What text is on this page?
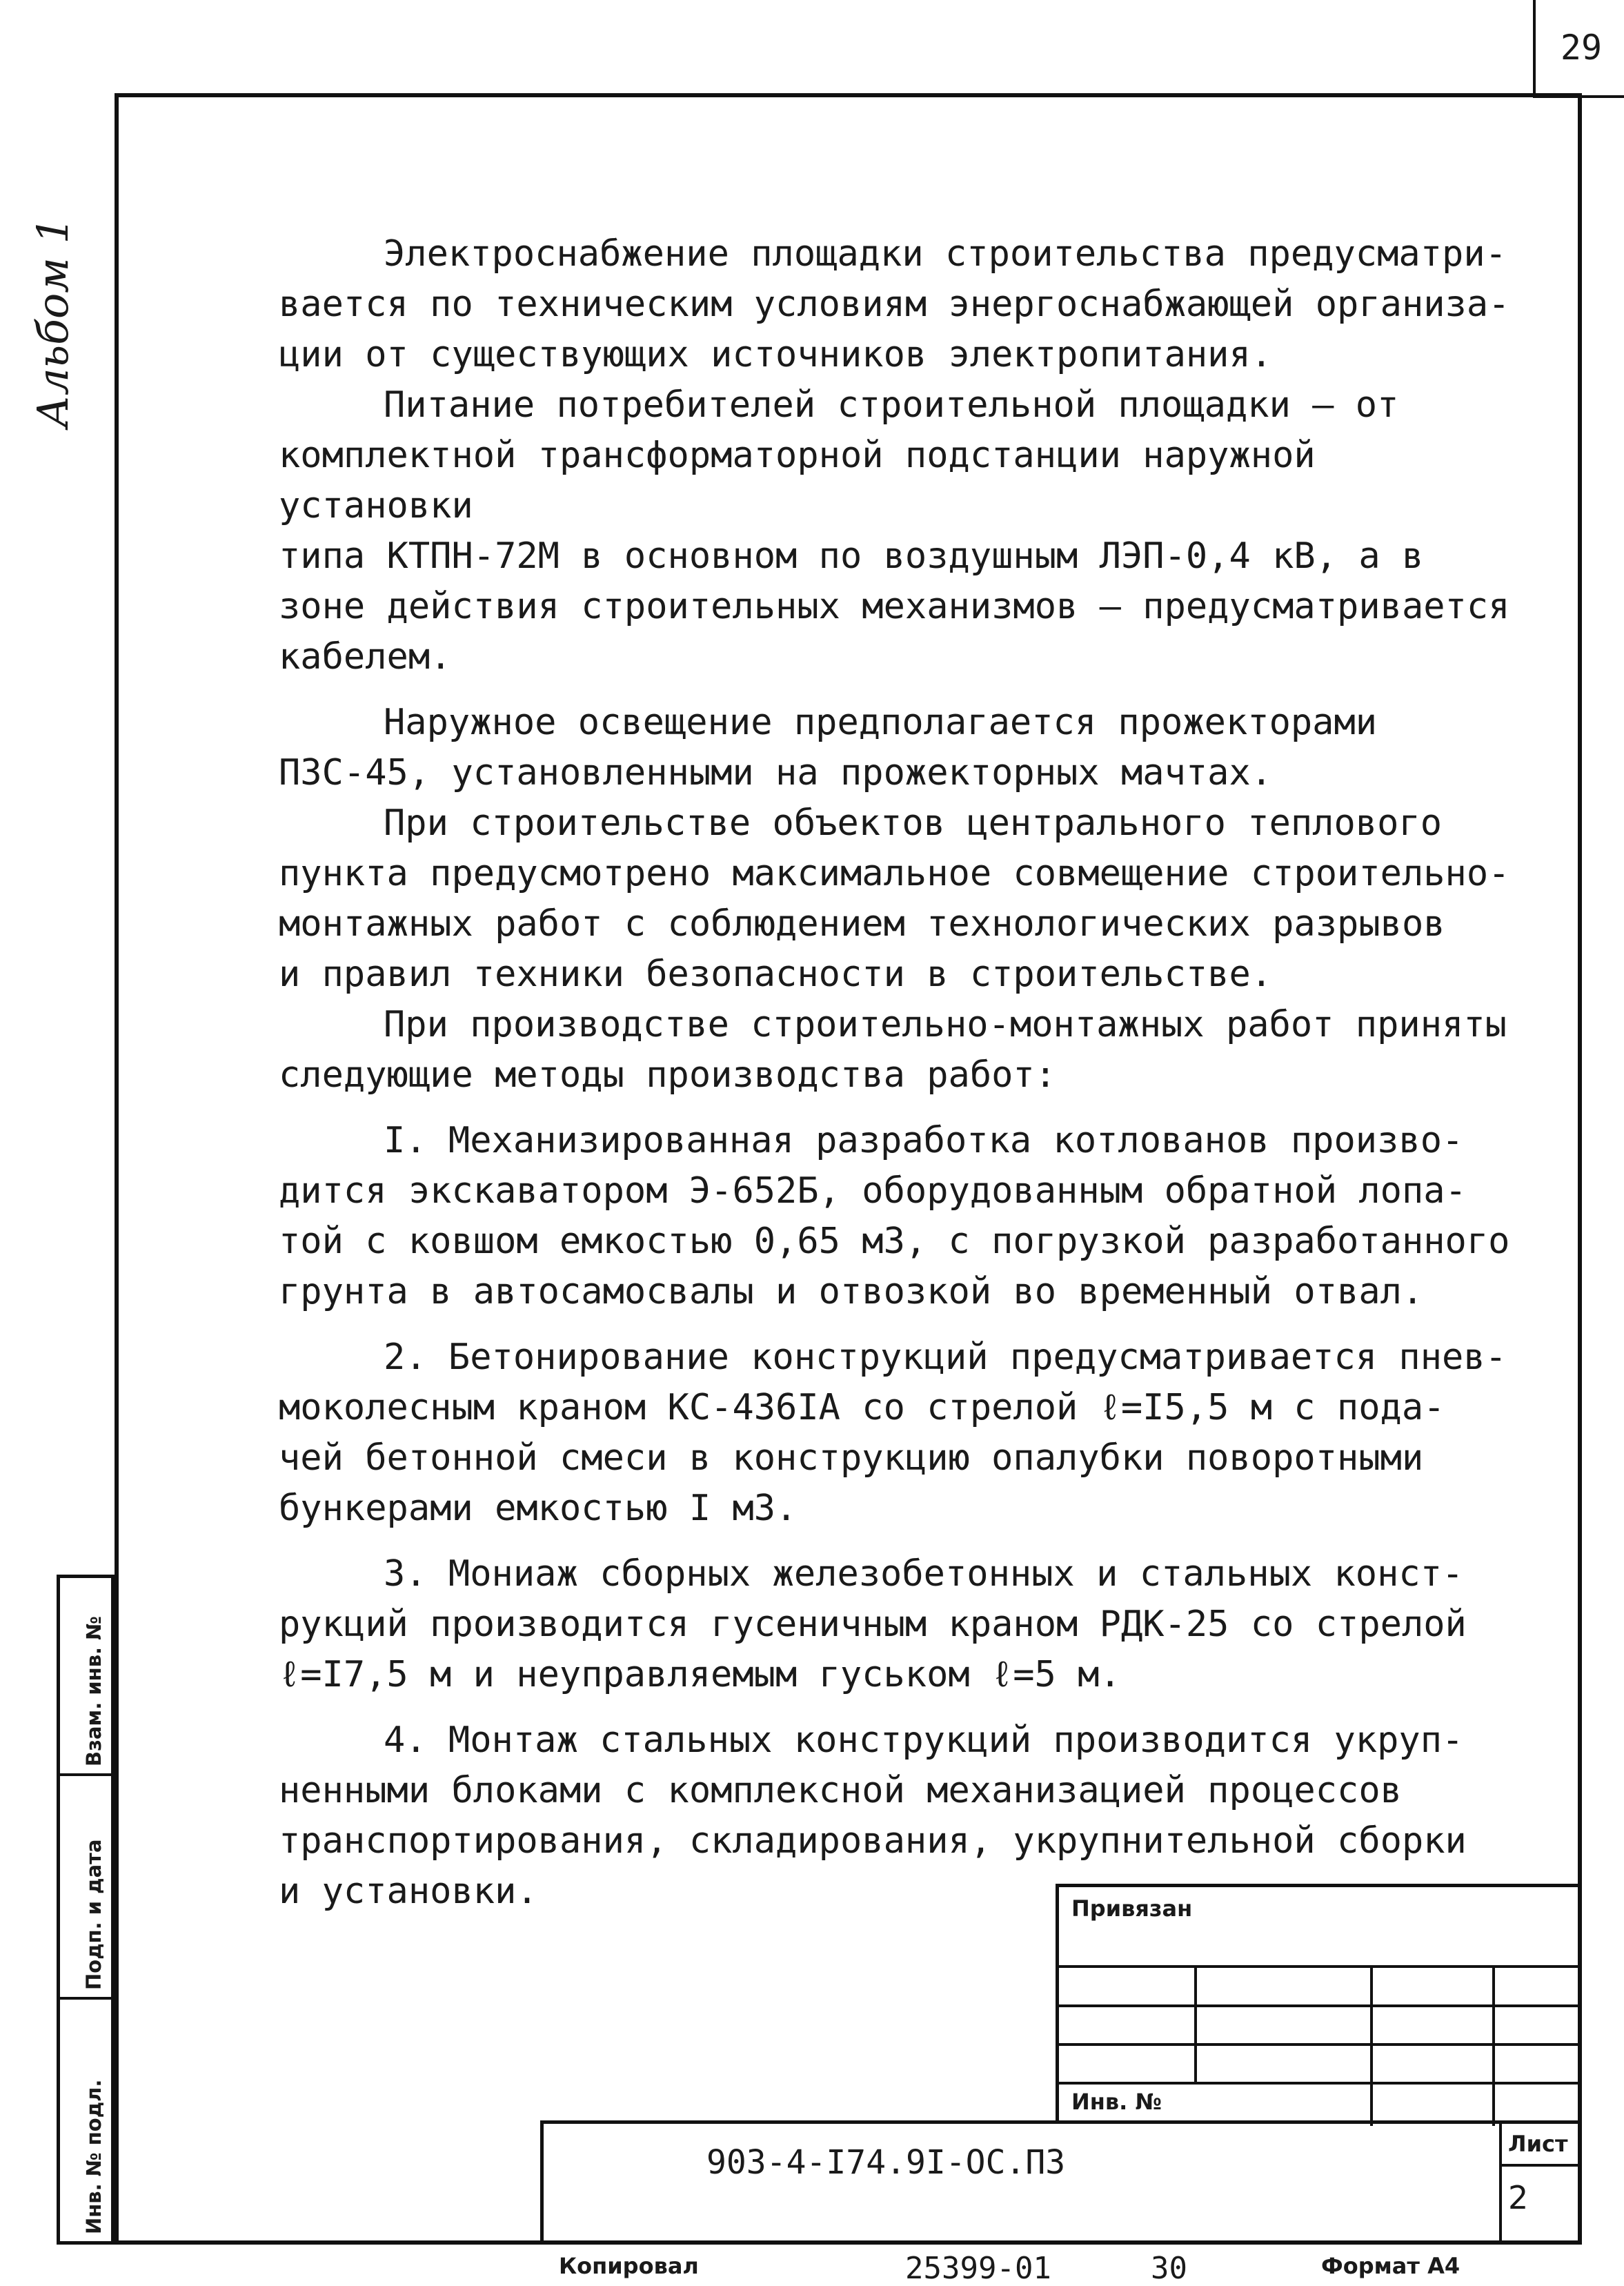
29
Альбом 1
Взам. инв. №
Подп. и дата
Инв. № подл.

Электроснабжение площадки строительства предусматри-
вается по техническим условиям энергоснабжающей организа-
ции от существующих источников электропитания.

Питание потребителей строительной площадки – от
комплектной трансформаторной подстанции наружной установки
типа КТПН-72М в основном по воздушным ЛЭП-0,4 кВ, а в
зоне действия строительных механизмов – предусматривается
кабелем.

Наружное освещение предполагается прожекторами
ПЗС-45, установленными на прожекторных мачтах.

При строительстве объектов центрального теплового
пункта предусмотрено максимальное совмещение строительно-
монтажных работ с соблюдением технологических разрывов
и правил техники безопасности в строительстве.

При производстве строительно-монтажных работ приняты
следующие методы производства работ:

I. Механизированная разработка котлованов произво-
дится экскаватором Э-652Б, оборудованным обратной лопа-
той с ковшом емкостью 0,65 м3, с погрузкой разработанного
грунта в автосамосвалы и отвозкой во временный отвал.

2. Бетонирование конструкций предусматривается пнев-
моколесным краном КС-436IA со стрелой ℓ=I5,5 м с пода-
чей бетонной смеси в конструкцию опалубки поворотными
бункерами емкостью I м3.

3. Мониаж сборных железобетонных и стальных конст-
рукций производится гусеничным краном РДК-25 со стрелой
ℓ=I7,5 м и неуправляемым гуськом ℓ=5 м.

4. Монтаж стальных конструкций производится укруп-
ненными блоками с комплексной механизацией процессов
транспортирования, складирования, укрупнительной сборки
и установки.	Привязан
Инв. №
903-4-I74.9I-ОС.ПЗ	Лист
2
Копировал	25399-01	30	Формат А4
